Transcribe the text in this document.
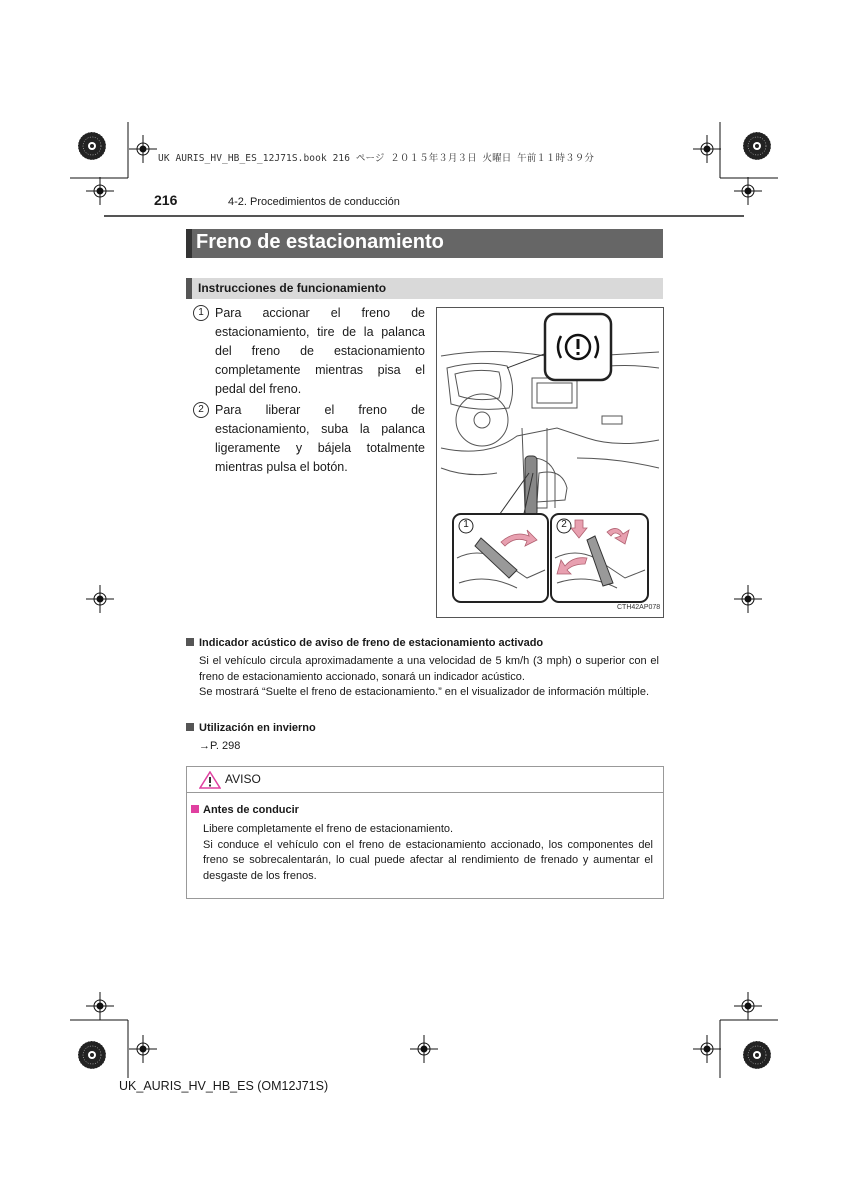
UK AURIS_HV_HB_ES_12J71S.book 216 ページ ２０１５年３月３日 火曜日 午前１１時３９分
216	4-2. Procedimientos de conducción
Freno de estacionamiento
Instrucciones de funcionamiento
1 Para accionar el freno de estacionamiento, tire de la palanca del freno de estacionamiento completamente mientras pisa el pedal del freno.
2 Para liberar el freno de estacionamiento, suba la palanca ligeramente y bájela totalmente mientras pulsa el botón.
1	2
CTH42AP078
Indicador acústico de aviso de freno de estacionamiento activado
Si el vehículo circula aproximadamente a una velocidad de 5 km/h (3 mph) o superior con el freno de estacionamiento accionado, sonará un indicador acústico.
Se mostrará “Suelte el freno de estacionamiento.” en el visualizador de información múltiple.
Utilización en invierno
→P. 298
AVISO
Antes de conducir
Libere completamente el freno de estacionamiento.
Si conduce el vehículo con el freno de estacionamiento accionado, los componentes del freno se sobrecalentarán, lo cual puede afectar al rendimiento de frenado y aumentar el desgaste de los frenos.
UK_AURIS_HV_HB_ES (OM12J71S)
